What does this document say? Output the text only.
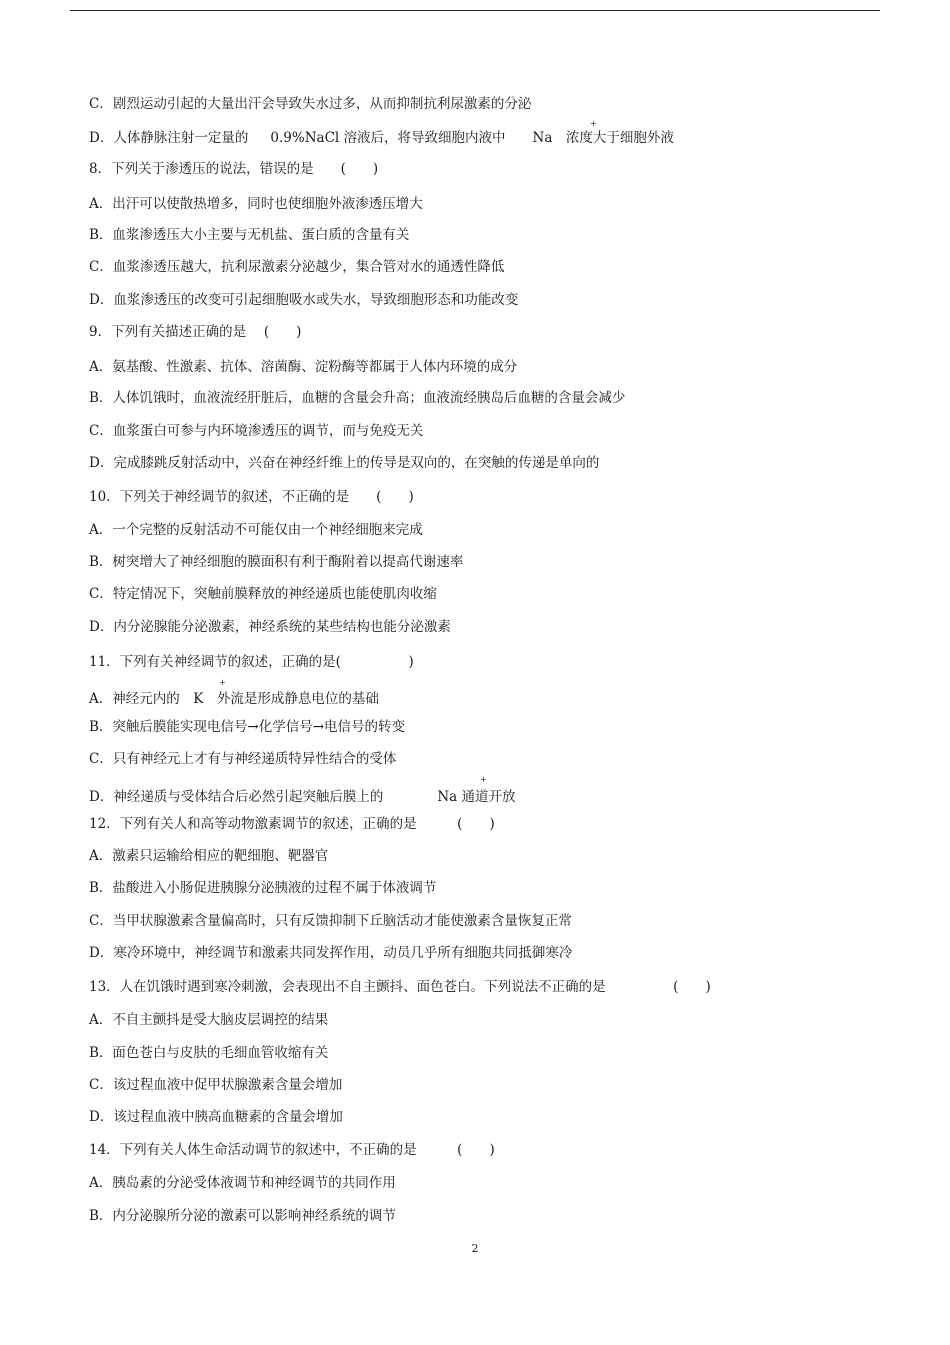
C．剧烈运动引起的大量出汗会导致失水过多，从而抑制抗利尿激素的分泌
D．人体静脉注射一定量的　  0.9%NaCl 溶液后，将导致细胞内液中　　Na　浓度大于细胞外液
+
8．下列关于渗透压的说法，错误的是　　(　　)
A．出汗可以使散热增多，同时也使细胞外液渗透压增大
B．血浆渗透压大小主要与无机盐、蛋白质的含量有关
C．血浆渗透压越大，抗利尿激素分泌越少，集合管对水的通透性降低
D．血浆渗透压的改变可引起细胞吸水或失水，导致细胞形态和功能改变
9．下列有关描述正确的是　 (　　)
A．氨基酸、性激素、抗体、溶菌酶、淀粉酶等都属于人体内环境的成分
B．人体饥饿时，血液流经肝脏后，血糖的含量会升高；血液流经胰岛后血糖的含量会减少
C．血浆蛋白可参与内环境渗透压的调节，而与免疫无关
D．完成膝跳反射活动中，兴奋在神经纤维上的传导是双向的，在突触的传递是单向的
10．下列关于神经调节的叙述，不正确的是　　(　　)
A．一个完整的反射活动不可能仅由一个神经细胞来完成
B．树突增大了神经细胞的膜面积有利于酶附着以提高代谢速率
C．特定情况下，突触前膜释放的神经递质也能使肌肉收缩
D．内分泌腺能分泌激素，神经系统的某些结构也能分泌激素
11．下列有关神经调节的叙述，正确的是(　　　　　)
A．神经元内的　K　外流是形成静息电位的基础
+
B．突触后膜能实现电信号→化学信号→电信号的转变
C．只有神经元上才有与神经递质特异性结合的受体
D．神经递质与受体结合后必然引起突触后膜上的　　　　Na 通道开放
+
12．下列有关人和高等动物激素调节的叙述，正确的是　　　(　　)
A．激素只运输给相应的靶细胞、靶器官
B．盐酸进入小肠促进胰腺分泌胰液的过程不属于体液调节
C．当甲状腺激素含量偏高时，只有反馈抑制下丘脑活动才能使激素含量恢复正常
D．寒冷环境中，神经调节和激素共同发挥作用，动员几乎所有细胞共同抵御寒冷
13．人在饥饿时遇到寒冷刺激，会表现出不自主颤抖、面色苍白。下列说法不正确的是　　　　　(　　)
A．不自主颤抖是受大脑皮层调控的结果
B．面色苍白与皮肤的毛细血管收缩有关
C．该过程血液中促甲状腺激素含量会增加
D．该过程血液中胰高血糖素的含量会增加
14．下列有关人体生命活动调节的叙述中，不正确的是　　　(　　)
A．胰岛素的分泌受体液调节和神经调节的共同作用
B．内分泌腺所分泌的激素可以影响神经系统的调节
2
